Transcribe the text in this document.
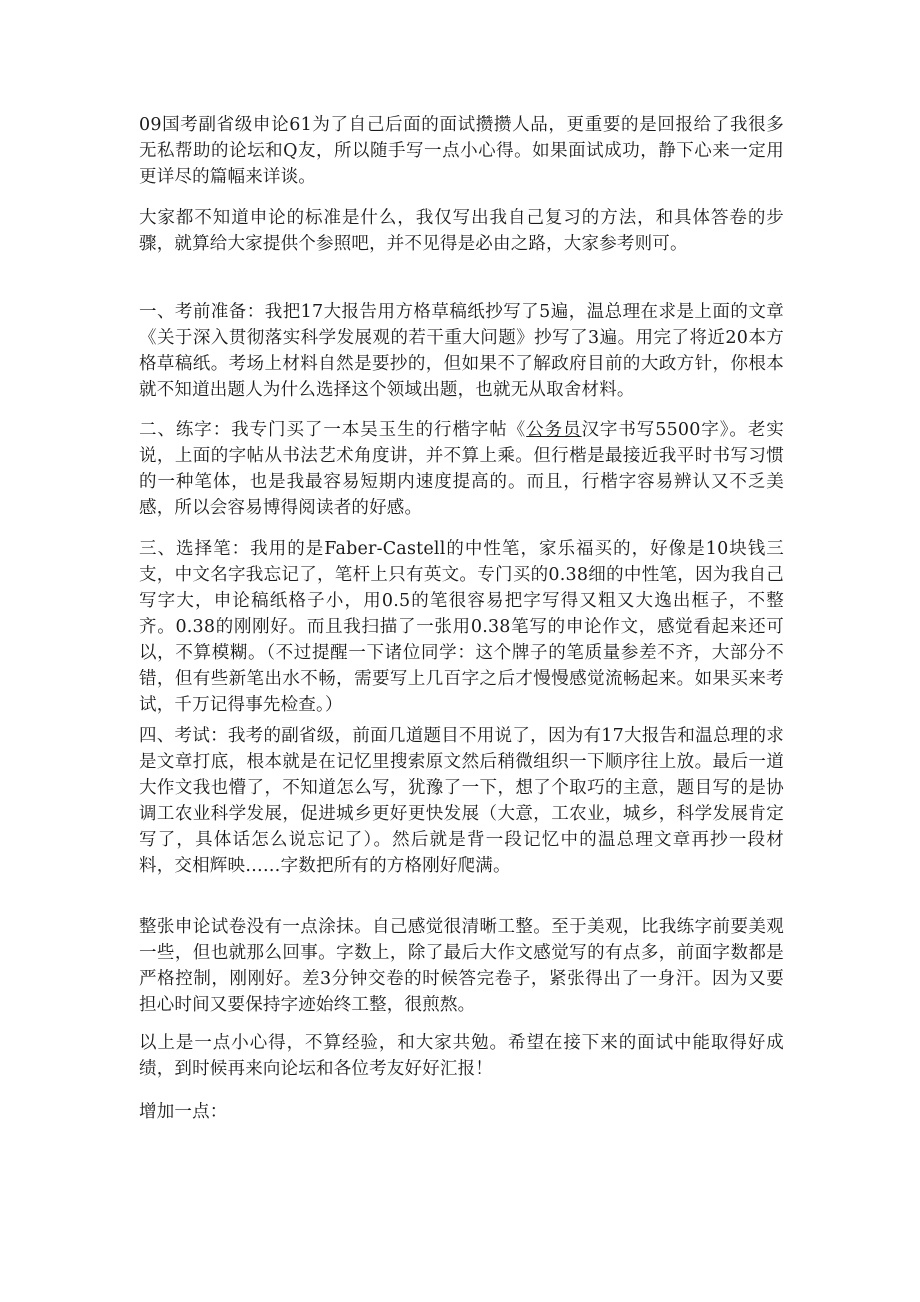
09国考副省级申论61为了自己后面的面试攒攒人品，更重要的是回报给了我很多无私帮助的论坛和Q友，所以随手写一点小心得。如果面试成功，静下心来一定用更详尽的篇幅来详谈。

大家都不知道申论的标准是什么，我仅写出我自己复习的方法，和具体答卷的步骤，就算给大家提供个参照吧，并不见得是必由之路，大家参考则可。

一、考前准备：我把17大报告用方格草稿纸抄写了5遍，温总理在求是上面的文章《关于深入贯彻落实科学发展观的若干重大问题》抄写了3遍。用完了将近20本方格草稿纸。考场上材料自然是要抄的，但如果不了解政府目前的大政方针，你根本就不知道出题人为什么选择这个领域出题，也就无从取舍材料。

二、练字：我专门买了一本吴玉生的行楷字帖《公务员汉字书写5500字》。老实说，上面的字帖从书法艺术角度讲，并不算上乘。但行楷是最接近我平时书写习惯的一种笔体，也是我最容易短期内速度提高的。而且，行楷字容易辨认又不乏美感，所以会容易博得阅读者的好感。

三、选择笔：我用的是Faber-Castell的中性笔，家乐福买的，好像是10块钱三支，中文名字我忘记了，笔杆上只有英文。专门买的0.38细的中性笔，因为我自己写字大，申论稿纸格子小，用0.5的笔很容易把字写得又粗又大逸出框子，不整齐。0.38的刚刚好。而且我扫描了一张用0.38笔写的申论作文，感觉看起来还可以，不算模糊。（不过提醒一下诸位同学：这个牌子的笔质量参差不齐，大部分不错，但有些新笔出水不畅，需要写上几百字之后才慢慢感觉流畅起来。如果买来考试，千万记得事先检查。）

四、考试：我考的副省级，前面几道题目不用说了，因为有17大报告和温总理的求是文章打底，根本就是在记忆里搜索原文然后稍微组织一下顺序往上放。最后一道大作文我也懵了，不知道怎么写，犹豫了一下，想了个取巧的主意，题目写的是协调工农业科学发展，促进城乡更好更快发展（大意，工农业，城乡，科学发展肯定写了，具体话怎么说忘记了）。然后就是背一段记忆中的温总理文章再抄一段材料，交相辉映……字数把所有的方格刚好爬满。

整张申论试卷没有一点涂抹。自己感觉很清晰工整。至于美观，比我练字前要美观一些，但也就那么回事。字数上，除了最后大作文感觉写的有点多，前面字数都是严格控制，刚刚好。差3分钟交卷的时候答完卷子，紧张得出了一身汗。因为又要担心时间又要保持字迹始终工整，很煎熬。

以上是一点小心得，不算经验，和大家共勉。希望在接下来的面试中能取得好成绩，到时候再来向论坛和各位考友好好汇报！

增加一点：
